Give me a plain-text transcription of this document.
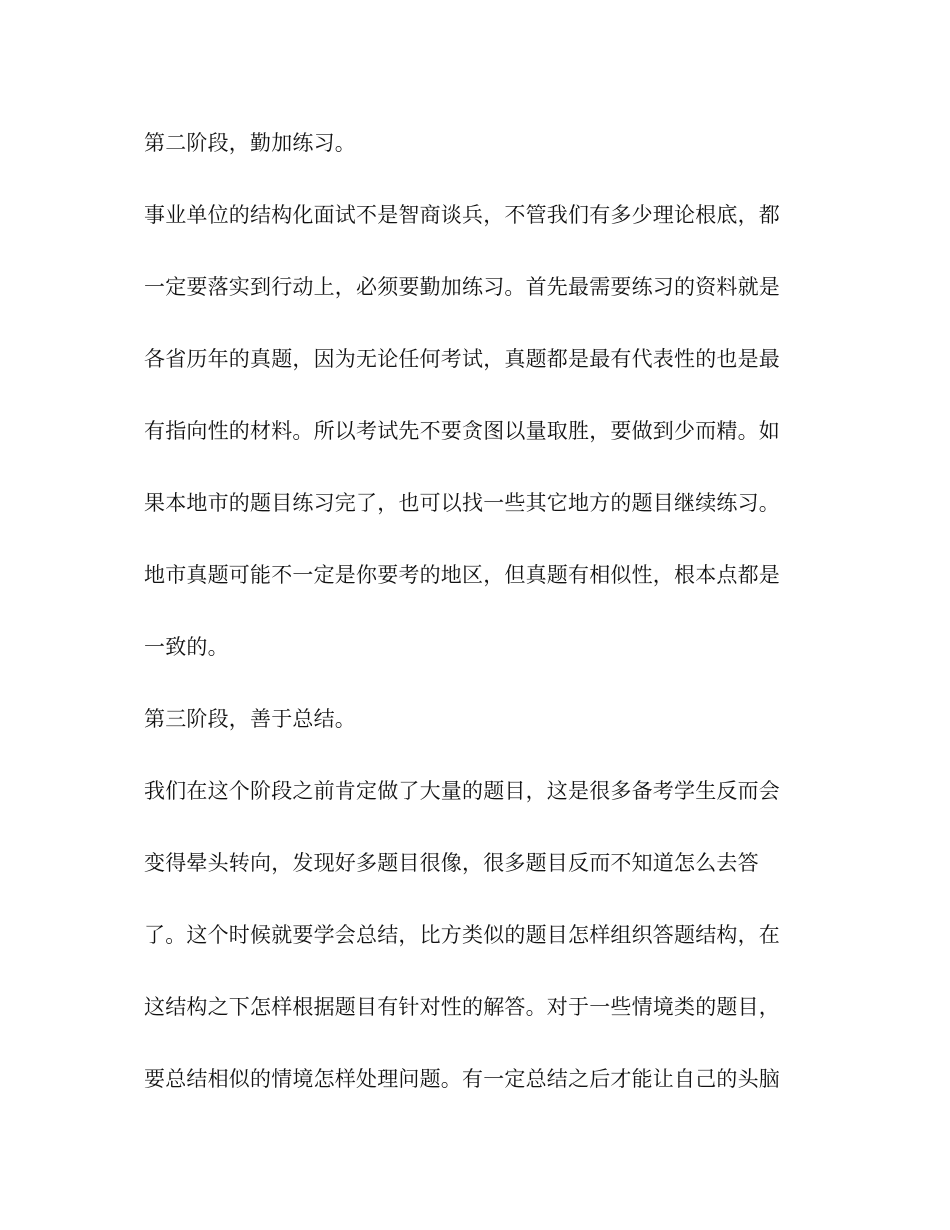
第二阶段，勤加练习。

事业单位的结构化面试不是智商谈兵，不管我们有多少理论根底，都

一定要落实到行动上，必须要勤加练习。首先最需要练习的资料就是

各省历年的真题，因为无论任何考试，真题都是最有代表性的也是最

有指向性的材料。所以考试先不要贪图以量取胜，要做到少而精。如

果本地市的题目练习完了，也可以找一些其它地方的题目继续练习。

地市真题可能不一定是你要考的地区，但真题有相似性，根本点都是

一致的。

第三阶段，善于总结。

我们在这个阶段之前肯定做了大量的题目，这是很多备考学生反而会

变得晕头转向，发现好多题目很像，很多题目反而不知道怎么去答

了。这个时候就要学会总结，比方类似的题目怎样组织答题结构，在

这结构之下怎样根据题目有针对性的解答。对于一些情境类的题目，

要总结相似的情境怎样处理问题。有一定总结之后才能让自己的头脑
